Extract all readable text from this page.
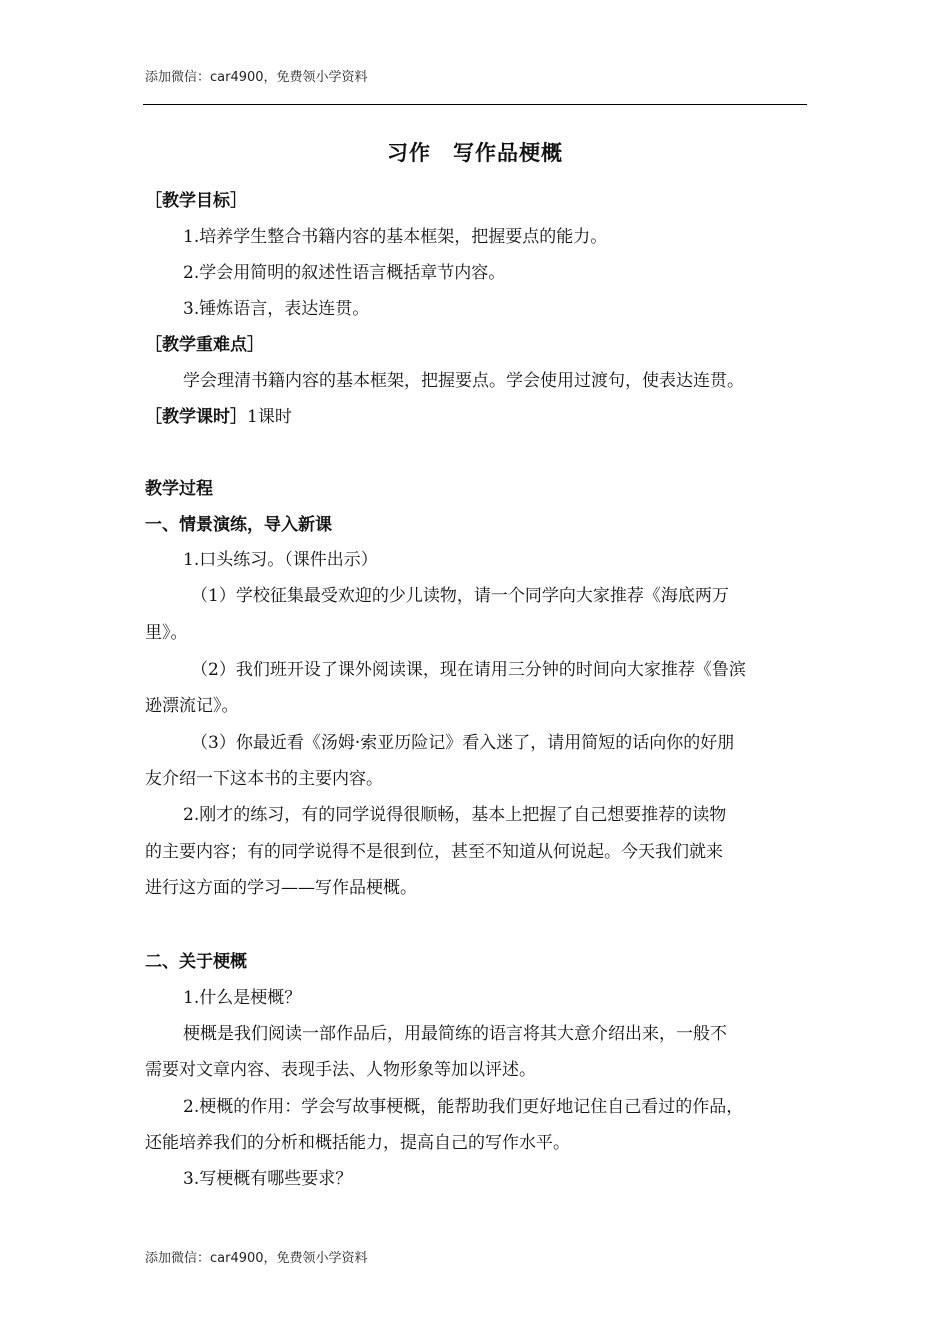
添加微信：car4900，免费领小学资料
习作　写作品梗概
［教学目标］
1.培养学生整合书籍内容的基本框架，把握要点的能力。
2.学会用简明的叙述性语言概括章节内容。
3.锤炼语言，表达连贯。
［教学重难点］
学会理清书籍内容的基本框架，把握要点。学会使用过渡句，使表达连贯。
［教学课时］1课时
教学过程
一、情景演练，导入新课
1.口头练习。（课件出示）
（1）学校征集最受欢迎的少儿读物，请一个同学向大家推荐《海底两万
里》。
（2）我们班开设了课外阅读课，现在请用三分钟的时间向大家推荐《鲁滨
逊漂流记》。
（3）你最近看《汤姆·索亚历险记》看入迷了，请用简短的话向你的好朋
友介绍一下这本书的主要内容。
2.刚才的练习，有的同学说得很顺畅，基本上把握了自己想要推荐的读物
的主要内容；有的同学说得不是很到位，甚至不知道从何说起。今天我们就来
进行这方面的学习——写作品梗概。
二、关于梗概
1.什么是梗概？
梗概是我们阅读一部作品后，用最简练的语言将其大意介绍出来，一般不
需要对文章内容、表现手法、人物形象等加以评述。
2.梗概的作用：学会写故事梗概，能帮助我们更好地记住自己看过的作品，
还能培养我们的分析和概括能力，提高自己的写作水平。
3.写梗概有哪些要求？
添加微信：car4900，免费领小学资料
